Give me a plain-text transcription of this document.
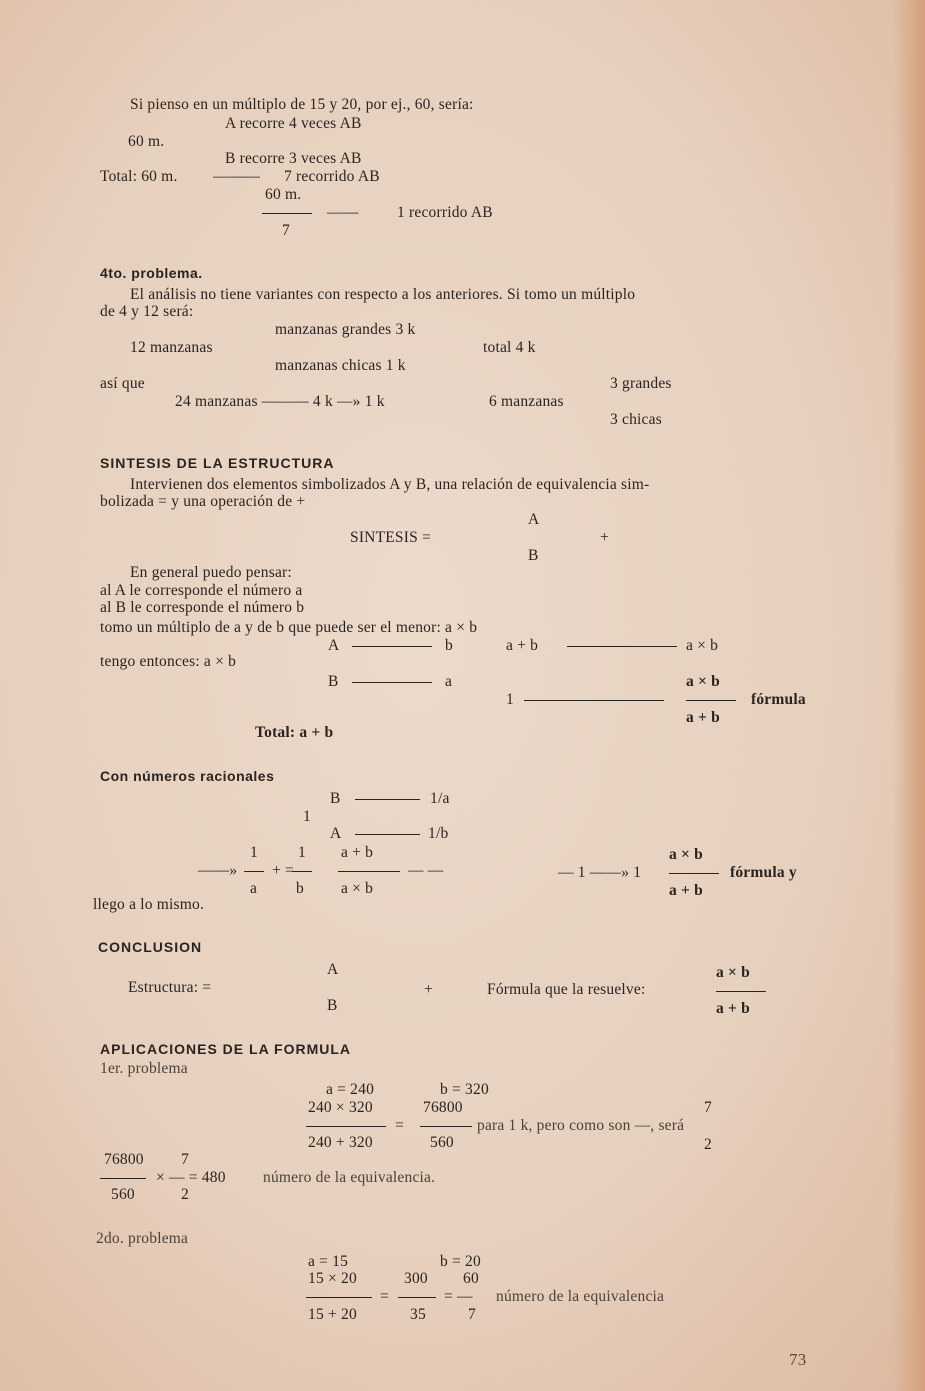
Si pienso en un múltiplo de 15 y 20, por ej., 60, sería:
A recorre 4 veces AB
60 m.
B recorre 3 veces AB
Total: 60 m. ——— 7 recorrido AB
60 m.
—— 1 recorrido AB
7
4to. problema.
El análisis no tiene variantes con respecto a los anteriores. Si tomo un múltiplo
de 4 y 12 será:
manzanas grandes 3 k
12 manzanas	total 4 k
manzanas chicas 1 k
así que	3 grandes
24 manzanas ——— 4 k —» 1 k	6 manzanas
3 chicas
SINTESIS DE LA ESTRUCTURA
Intervienen dos elementos simbolizados A y B, una relación de equivalencia sim-
bolizada = y una operación de +
A
SINTESIS =	+
B
En general puedo pensar:
al A le corresponde el número a
al B le corresponde el número b
tomo un múltiplo de a y de b que puede ser el menor: a × b
A	b	a + b	a × b
tengo entonces: a × b
B	a	a × b
1	fórmula
a + b
Total: a + b
Con números racionales
B	1/a
1
A	1/b
1	1 a + b
——» + =	— —
a	b a × b
a × b
— 1 ——» 1	fórmula y
a + b
llego a lo mismo.
CONCLUSION
A	a × b
Estructura: =	+	Fórmula que la resuelve:
B	a + b
APLICACIONES DE LA FORMULA
1er. problema
a = 240	b = 320
240 × 320	76800	7
=	para 1 k, pero como son —, será
240 + 320	560	2
76800 7
× — = 480 número de la equivalencia.
560	2
2do. problema
a = 15	b = 20
15 × 20	300 60
=	= — número de la equivalencia
15 + 20	35	7
73
